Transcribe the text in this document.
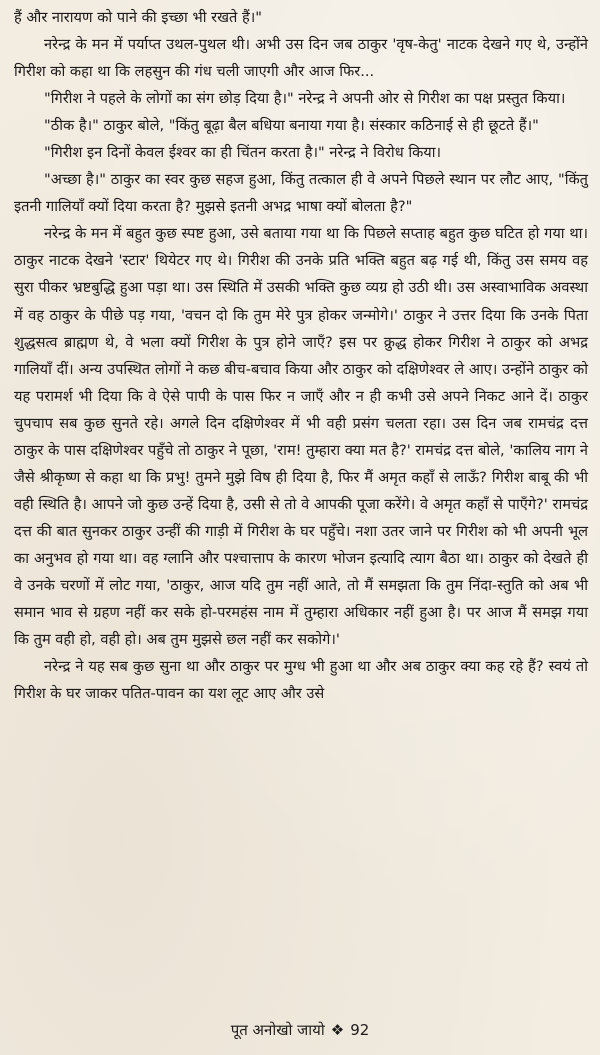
हैं और नारायण को पाने की इच्छा भी रखते हैं।"

नरेन्द्र के मन में पर्याप्त उथल-पुथल थी। अभी उस दिन जब ठाकुर 'वृष-केतु' नाटक देखने गए थे, उन्होंने गिरीश को कहा था कि लहसुन की गंध चली जाएगी और आज फिर...

"गिरीश ने पहले के लोगों का संग छोड़ दिया है।" नरेन्द्र ने अपनी ओर से गिरीश का पक्ष प्रस्तुत किया।

"ठीक है।" ठाकुर बोले, "किंतु बूढ़ा बैल बधिया बनाया गया है। संस्कार कठिनाई से ही छूटते हैं।"

"गिरीश इन दिनों केवल ईश्वर का ही चिंतन करता है।" नरेन्द्र ने विरोध किया।

"अच्छा है।" ठाकुर का स्वर कुछ सहज हुआ, किंतु तत्काल ही वे अपने पिछले स्थान पर लौट आए, "किंतु इतनी गालियाँ क्यों दिया करता है? मुझसे इतनी अभद्र भाषा क्यों बोलता है?"

नरेन्द्र के मन में बहुत कुछ स्पष्ट हुआ, उसे बताया गया था कि पिछले सप्ताह बहुत कुछ घटित हो गया था। ठाकुर नाटक देखने 'स्टार' थियेटर गए थे। गिरीश की उनके प्रति भक्ति बहुत बढ़ गई थी, किंतु उस समय वह सुरा पीकर भ्रष्टबुद्धि हुआ पड़ा था। उस स्थिति में उसकी भक्ति कुछ व्यग्र हो उठी थी। उस अस्वाभाविक अवस्था में वह ठाकुर के पीछे पड़ गया, 'वचन दो कि तुम मेरे पुत्र होकर जन्मोगे।' ठाकुर ने उत्तर दिया कि उनके पिता शुद्धसत्व ब्राह्मण थे, वे भला क्यों गिरीश के पुत्र होने जाएँ? इस पर क्रुद्ध होकर गिरीश ने ठाकुर को अभद्र गालियाँ दीं। अन्य उपस्थित लोगों ने कछ बीच-बचाव किया और ठाकुर को दक्षिणेश्वर ले आए। उन्होंने ठाकुर को यह परामर्श भी दिया कि वे ऐसे पापी के पास फिर न जाएँ और न ही कभी उसे अपने निकट आने दें। ठाकुर चुपचाप सब कुछ सुनते रहे। अगले दिन दक्षिणेश्वर में भी वही प्रसंग चलता रहा। उस दिन जब रामचंद्र दत्त ठाकुर के पास दक्षिणेश्वर पहुँचे तो ठाकुर ने पूछा, 'राम! तुम्हारा क्या मत है?' रामचंद्र दत्त बोले, 'कालिय नाग ने जैसे श्रीकृष्ण से कहा था कि प्रभु! तुमने मुझे विष ही दिया है, फिर मैं अमृत कहाँ से लाऊँ? गिरीश बाबू की भी वही स्थिति है। आपने जो कुछ उन्हें दिया है, उसी से तो वे आपकी पूजा करेंगे। वे अमृत कहाँ से पाएँगे?' रामचंद्र दत्त की बात सुनकर ठाकुर उन्हीं की गाड़ी में गिरीश के घर पहुँचे। नशा उतर जाने पर गिरीश को भी अपनी भूल का अनुभव हो गया था। वह ग्लानि और पश्चात्ताप के कारण भोजन इत्यादि त्याग बैठा था। ठाकुर को देखते ही वे उनके चरणों में लोट गया, 'ठाकुर, आज यदि तुम नहीं आते, तो मैं समझता कि तुम निंदा-स्तुति को अब भी समान भाव से ग्रहण नहीं कर सके हो-परमहंस नाम में तुम्हारा अधिकार नहीं हुआ है। पर आज मैं समझ गया कि तुम वही हो, वही हो। अब तुम मुझसे छल नहीं कर सकोगे।'

नरेन्द्र ने यह सब कुछ सुना था और ठाकुर पर मुग्ध भी हुआ था और अब ठाकुर क्या कह रहे हैं? स्वयं तो गिरीश के घर जाकर पतित-पावन का यश लूट आए और उसे

पूत अनोखो जायो ❖ 92
